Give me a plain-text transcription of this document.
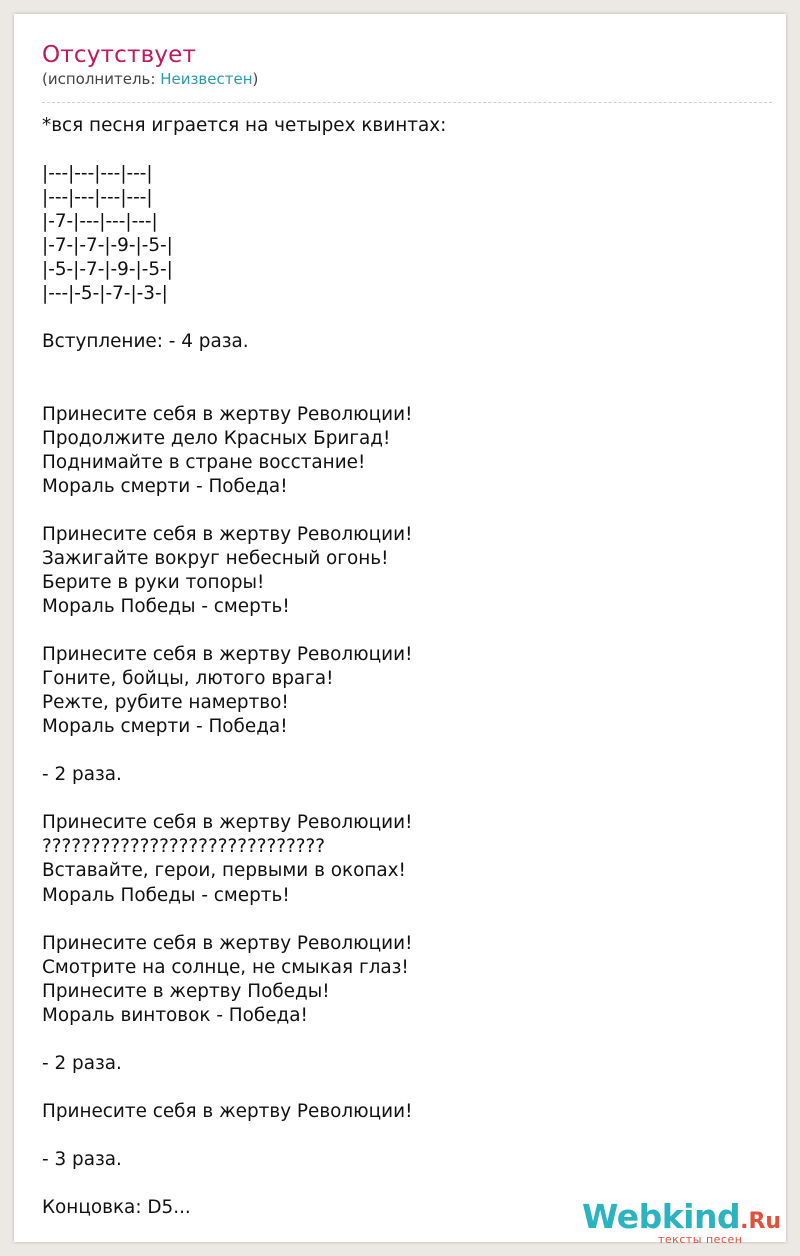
Отсутствует
(исполнитель: Неизвестен)
*вся песня играется на четырех квинтах:

|---|---|---|---|
|---|---|---|---|
|-7-|---|---|---|
|-7-|-7-|-9-|-5-|
|-5-|-7-|-9-|-5-|
|---|-5-|-7-|-3-|

Вступление: - 4 раза.

Принесите себя в жертву Революции!
Продолжите дело Красных Бригад!
Поднимайте в стране восстание!
Мораль смерти - Победа!

Принесите себя в жертву Революции!
Зажигайте вокруг небесный огонь!
Берите в руки топоры!
Мораль Победы - смерть!

Принесите себя в жертву Революции!
Гоните, бойцы, лютого врага!
Режте, рубите намертво!
Мораль смерти - Победа!

- 2 раза.

Принесите себя в жертву Революции!
?????????????????????????????
Вставайте, герои, первыми в окопах!
Мораль Победы - смерть!

Принесите себя в жертву Революции!
Смотрите на солнце, не смыкая глаз!
Принесите в жертву Победы!
Мораль винтовок - Победа!

- 2 раза.

Принесите себя в жертву Революции!

- 3 раза.

Концовка: D5...	Webkind.Ru
тексты песен
